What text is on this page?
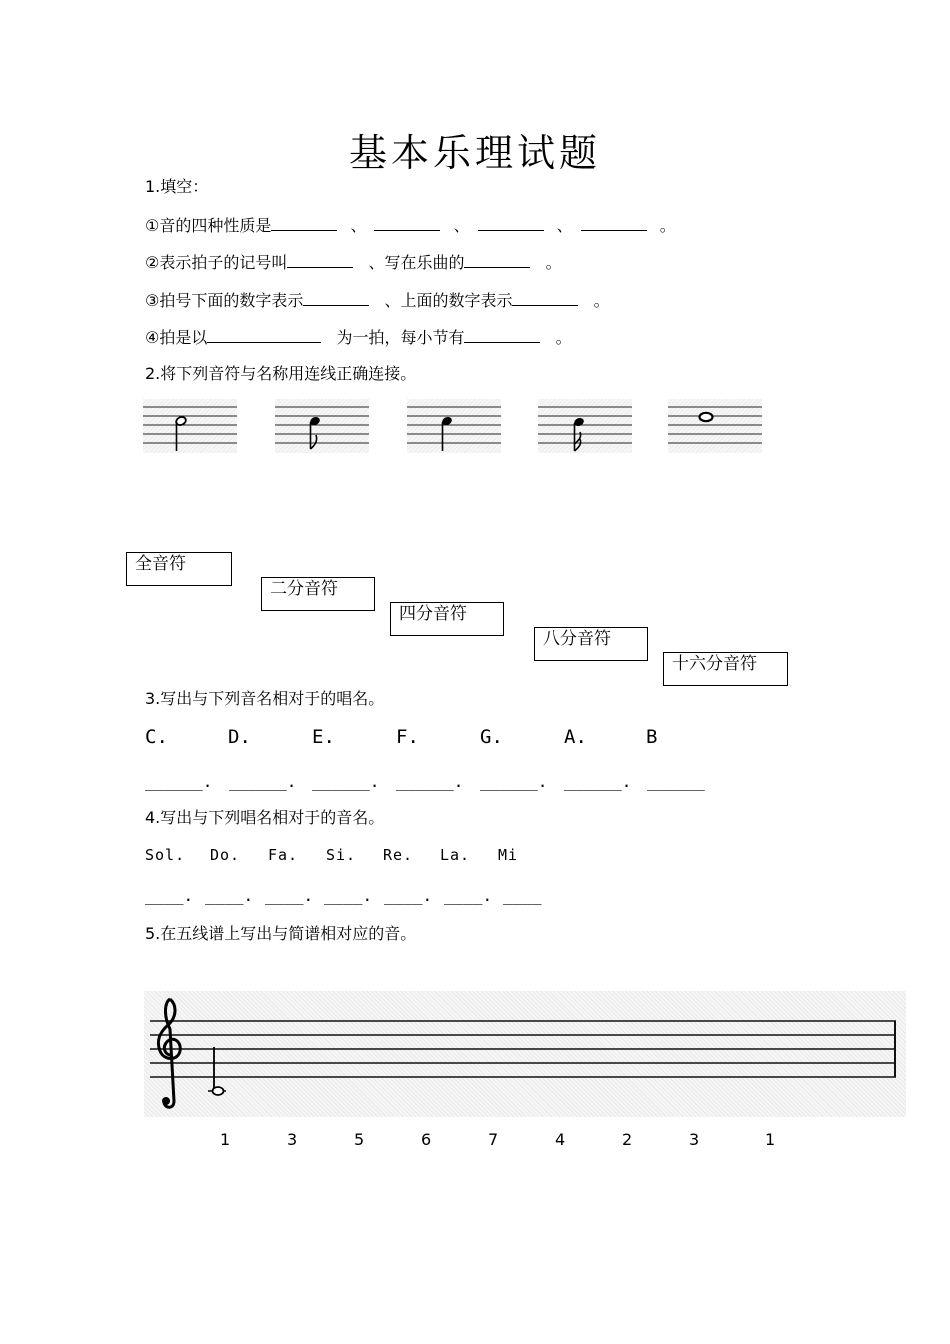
基本乐理试题
1.填空：
①音的四种性质是	、	、	、	。
②表示拍子的记号叫	、写在乐曲的	。
③拍号下面的数字表示	、上面的数字表示	。
④拍是以	为一拍，每小节有	。
2.将下列音符与名称用连线正确连接。
全音符
二分音符
四分音符
八分音符
十六分音符
3.写出与下列音名相对于的唱名。
C.	D.	E.	F.	G.	A.	B
______. ______. ______. ______. ______. ______. ______
4.写出与下列唱名相对于的音名。
Sol. Do. Fa. Si. Re. La. Mi
____. ____. ____. ____. ____. ____. ____
5.在五线谱上写出与简谱相对应的音。
1	3	5	6	7	4	2	3	1
